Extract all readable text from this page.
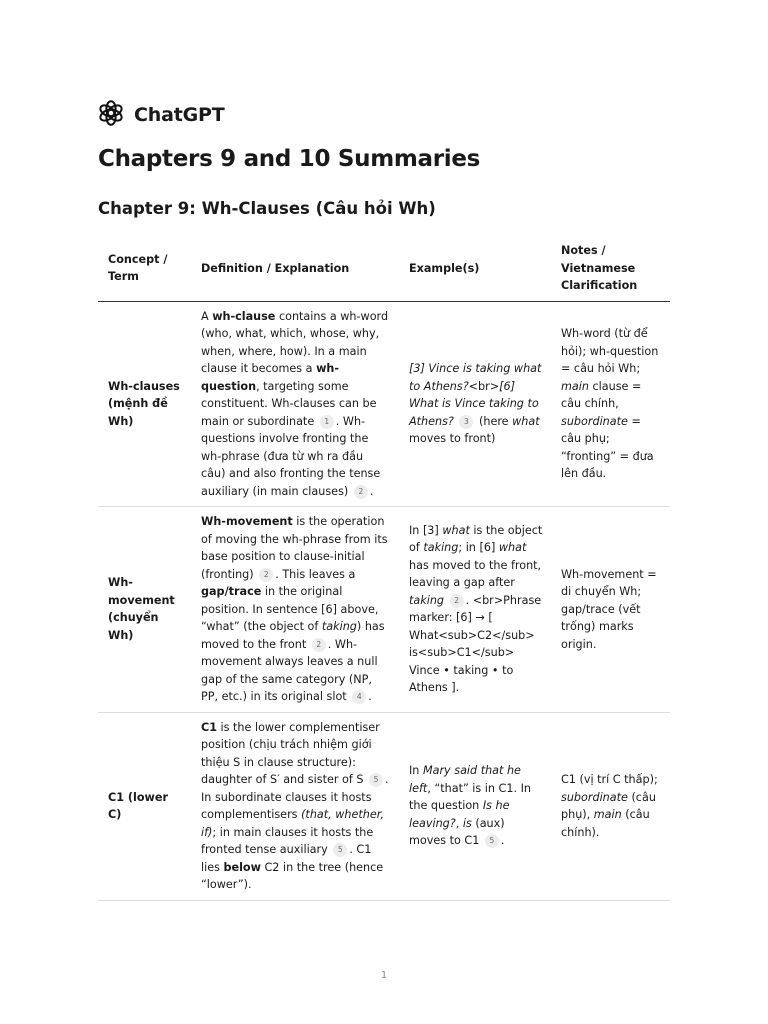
ChatGPT
Chapters 9 and 10 Summaries
Chapter 9: Wh-Clauses (Câu hỏi Wh)
Concept / Term	Definition / Explanation	Example(s)	Notes / Vietnamese Clarification
Wh-clauses (mệnh đề Wh)	A wh-clause contains a wh-word (who, what, which, whose, why, when, where, how). In a main clause it becomes a wh-question, targeting some constituent. Wh-clauses can be main or subordinate 1 . Wh-questions involve fronting the wh-phrase (đưa từ wh ra đầu câu) and also fronting the tense auxiliary (in main clauses) 2 .	[3] Vince is taking what to Athens?<br>[6] What is Vince taking to Athens? 3 (here what moves to front)	Wh-word (từ để hỏi); wh-question = câu hỏi Wh; main clause = câu chính, subordinate = câu phụ; “fronting” = đưa lên đầu.
Wh-movement (chuyển Wh)	Wh-movement is the operation of moving the wh-phrase from its base position to clause-initial (fronting) 2 . This leaves a gap/trace in the original position. In sentence [6] above, “what” (the object of taking) has moved to the front 2 . Wh-movement always leaves a null gap of the same category (NP, PP, etc.) in its original slot 4 .	In [3] what is the object of taking; in [6] what has moved to the front, leaving a gap after taking 2 . <br>Phrase marker: [6] → [ What<sub>C2</sub> is<sub>C1</sub> Vince • taking • to Athens ].	Wh-movement = di chuyển Wh; gap/trace (vết trống) marks origin.
C1 (lower C)	C1 is the lower complementiser position (chịu trách nhiệm giới thiệu S in clause structure): daughter of S′ and sister of S 5 . In subordinate clauses it hosts complementisers (that, whether, if); in main clauses it hosts the fronted tense auxiliary 5 . C1 lies below C2 in the tree (hence “lower”).	In Mary said that he left, “that” is in C1. In the question Is he leaving?, is (aux) moves to C1 5 .	C1 (vị trí C thấp); subordinate (câu phụ), main (câu chính).
1
